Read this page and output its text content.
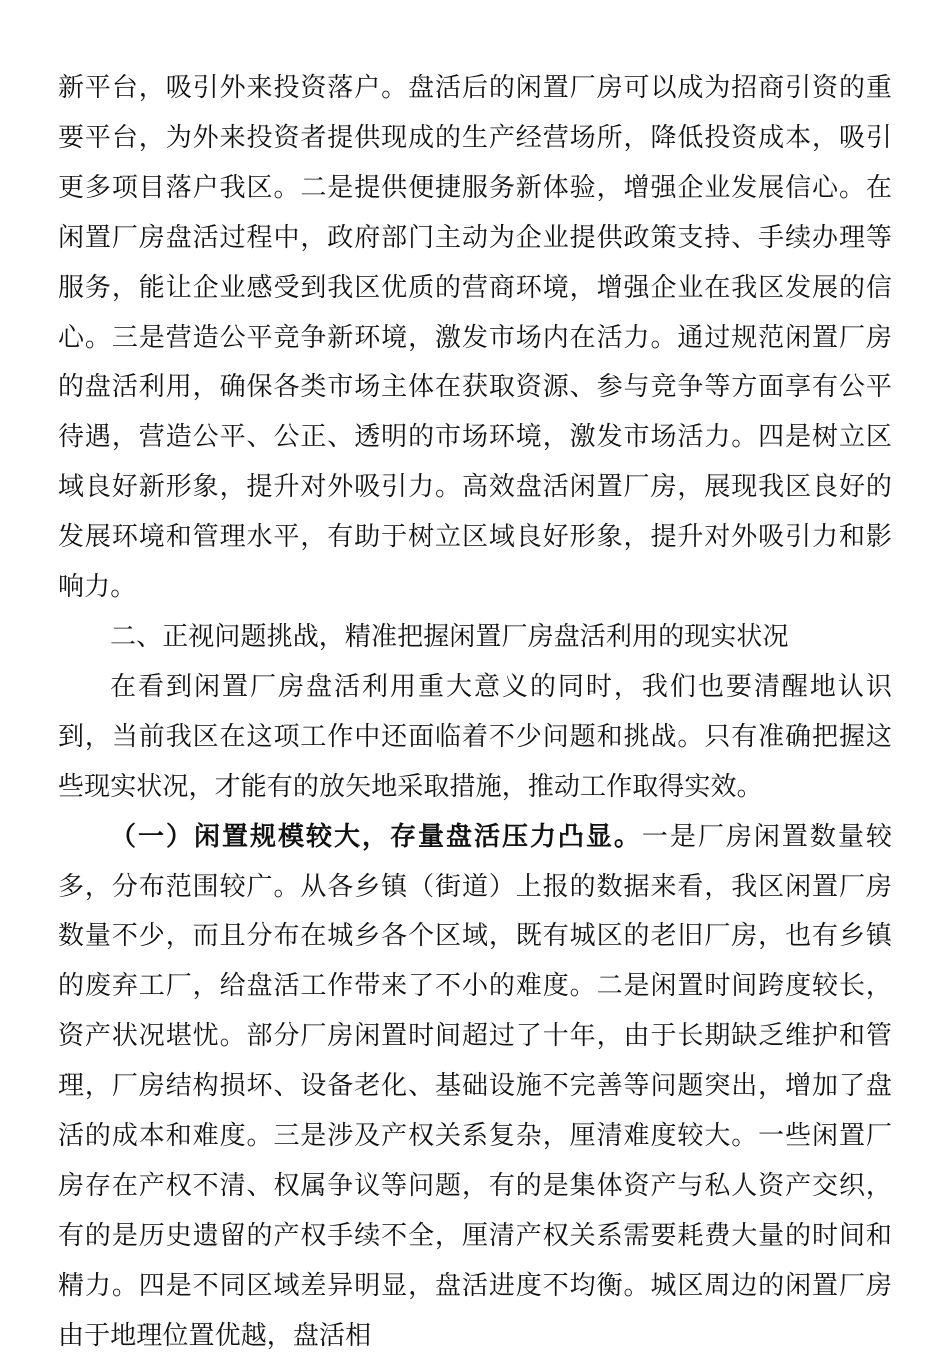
新平台，吸引外来投资落户。盘活后的闲置厂房可以成为招商引资的重要平台，为外来投资者提供现成的生产经营场所，降低投资成本，吸引更多项目落户我区。二是提供便捷服务新体验，增强企业发展信心。在闲置厂房盘活过程中，政府部门主动为企业提供政策支持、手续办理等服务，能让企业感受到我区优质的营商环境，增强企业在我区发展的信心。三是营造公平竞争新环境，激发市场内在活力。通过规范闲置厂房的盘活利用，确保各类市场主体在获取资源、参与竞争等方面享有公平待遇，营造公平、公正、透明的市场环境，激发市场活力。四是树立区域良好新形象，提升对外吸引力。高效盘活闲置厂房，展现我区良好的发展环境和管理水平，有助于树立区域良好形象，提升对外吸引力和影响力。

二、正视问题挑战，精准把握闲置厂房盘活利用的现实状况

在看到闲置厂房盘活利用重大意义的同时，我们也要清醒地认识到，当前我区在这项工作中还面临着不少问题和挑战。只有准确把握这些现实状况，才能有的放矢地采取措施，推动工作取得实效。

（一）闲置规模较大，存量盘活压力凸显。一是厂房闲置数量较多，分布范围较广。从各乡镇（街道）上报的数据来看，我区闲置厂房数量不少，而且分布在城乡各个区域，既有城区的老旧厂房，也有乡镇的废弃工厂，给盘活工作带来了不小的难度。二是闲置时间跨度较长，资产状况堪忧。部分厂房闲置时间超过了十年，由于长期缺乏维护和管理，厂房结构损坏、设备老化、基础设施不完善等问题突出，增加了盘活的成本和难度。三是涉及产权关系复杂，厘清难度较大。一些闲置厂房存在产权不清、权属争议等问题，有的是集体资产与私人资产交织，有的是历史遗留的产权手续不全，厘清产权关系需要耗费大量的时间和精力。四是不同区域差异明显，盘活进度不均衡。城区周边的闲置厂房由于地理位置优越，盘活相
